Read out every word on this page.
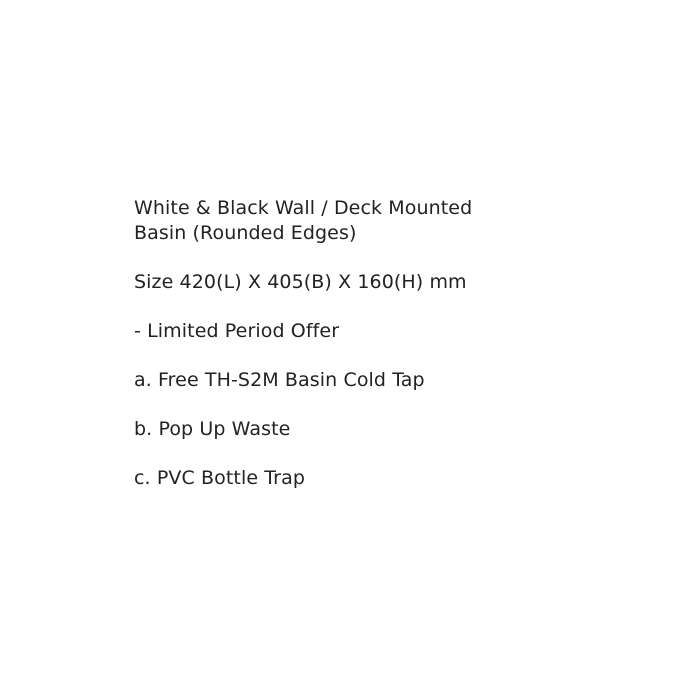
White & Black Wall / Deck Mounted
Basin (Rounded Edges)
Size 420(L) X 405(B) X 160(H) mm
- Limited Period Offer
a. Free TH-S2M Basin Cold Tap
b. Pop Up Waste
c. PVC Bottle Trap
